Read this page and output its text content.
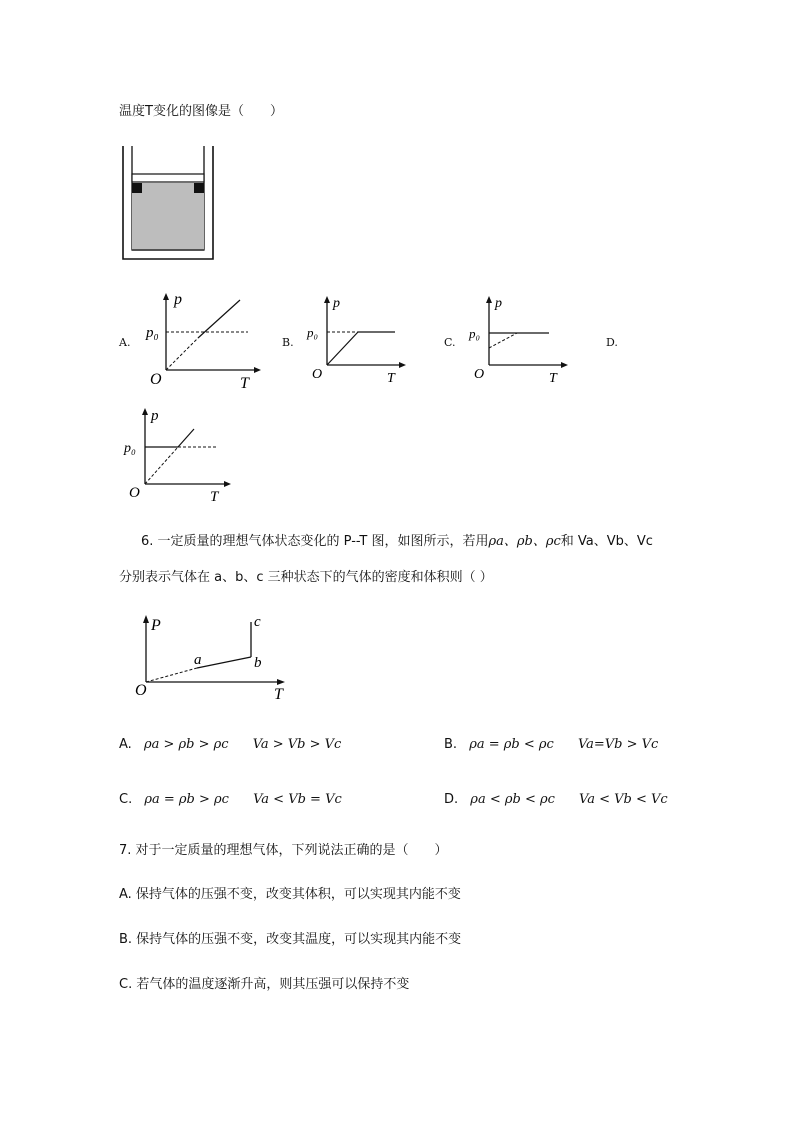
温度T变化的图像是（　　）
A.	B.	C.	D.
p
p₀
O	T
p
p₀
O	T
p
p₀
O	T
p
p₀
O	T
6. 一定质量的理想气体状态变化的 P--T 图，如图所示，若用ρa、ρb、ρc和 Va、Vb、Vc
分别表示气体在 a、b、c 三种状态下的气体的密度和体积则（ ）
P
O	T
a	b
c
A. ρa > ρb > ρc Va > Vb > Vc	B. ρa = ρb < ρc Va=Vb > Vc
C. ρa = ρb > ρc Va < Vb = Vc	D. ρa < ρb < ρc Va < Vb < Vc
7. 对于一定质量的理想气体，下列说法正确的是（　　）
A. 保持气体的压强不变，改变其体积，可以实现其内能不变
B. 保持气体的压强不变，改变其温度，可以实现其内能不变
C. 若气体的温度逐渐升高，则其压强可以保持不变
